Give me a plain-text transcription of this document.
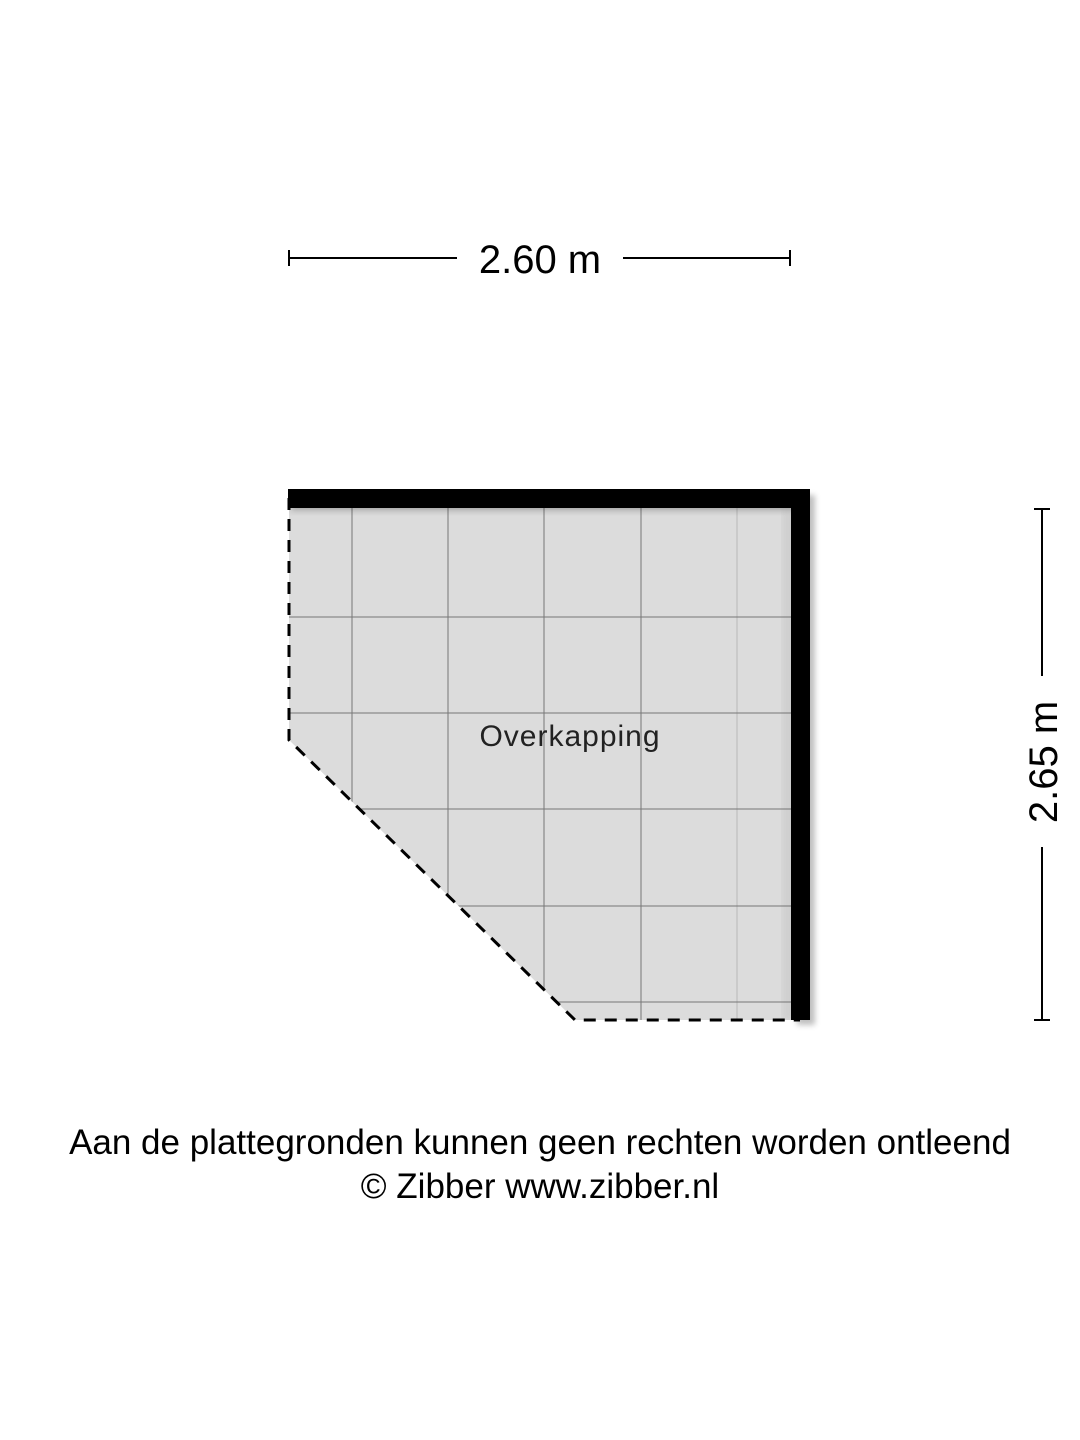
2.60 m
2.65 m
Overkapping
Aan de plattegronden kunnen geen rechten worden ontleend
© Zibber www.zibber.nl
